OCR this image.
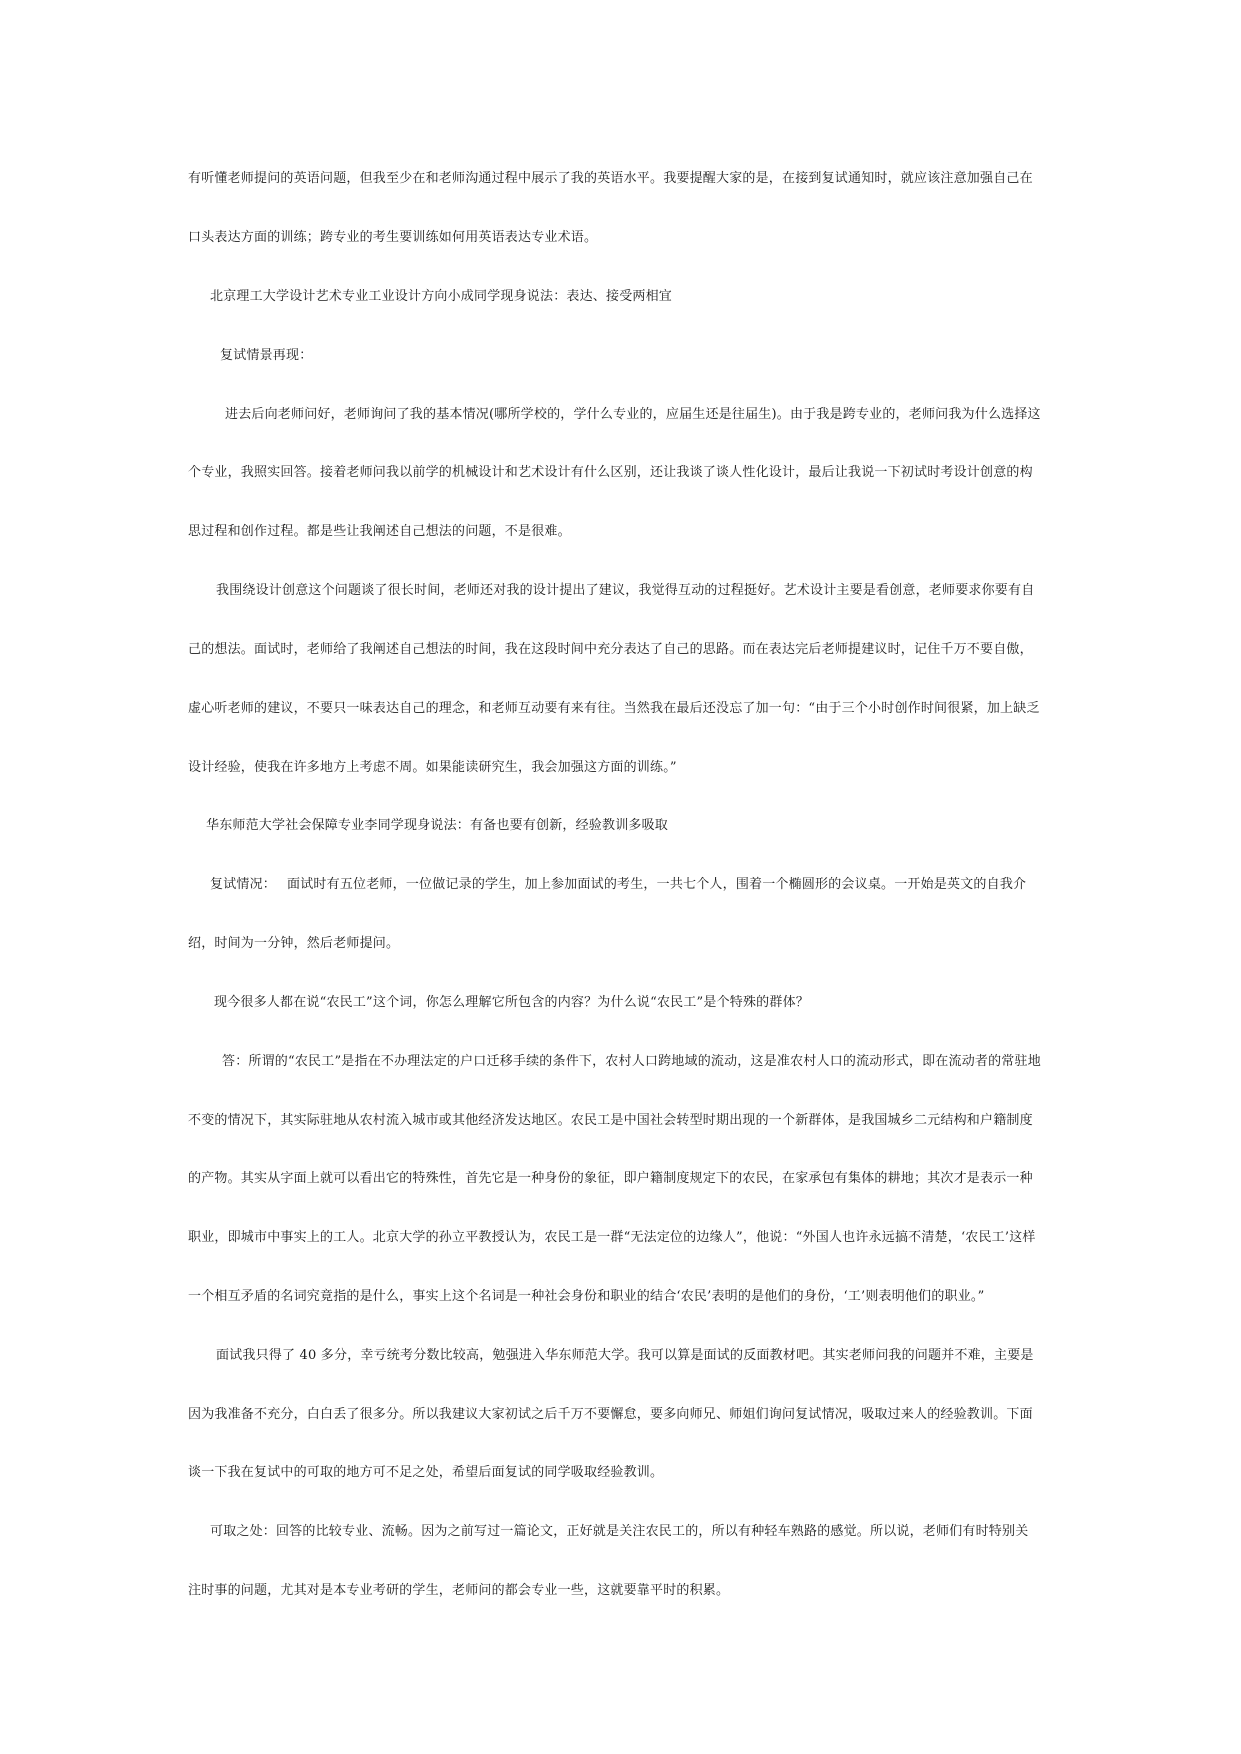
有听懂老师提问的英语问题，但我至少在和老师沟通过程中展示了我的英语水平。我要提醒大家的是，在接到复试通知时，就应该注意加强自己在
口头表达方面的训练；跨专业的考生要训练如何用英语表达专业术语。
北京理工大学设计艺术专业工业设计方向小成同学现身说法：表达、接受两相宜
复试情景再现：
进去后向老师问好，老师询问了我的基本情况(哪所学校的，学什么专业的，应届生还是往届生)。由于我是跨专业的，老师问我为什么选择这
个专业，我照实回答。接着老师问我以前学的机械设计和艺术设计有什么区别，还让我谈了谈人性化设计，最后让我说一下初试时考设计创意的构
思过程和创作过程。都是些让我阐述自己想法的问题，不是很难。
我围绕设计创意这个问题谈了很长时间，老师还对我的设计提出了建议，我觉得互动的过程挺好。艺术设计主要是看创意，老师要求你要有自
己的想法。面试时，老师给了我阐述自己想法的时间，我在这段时间中充分表达了自己的思路。而在表达完后老师提建议时，记住千万不要自傲，
虚心听老师的建议，不要只一味表达自己的理念，和老师互动要有来有往。当然我在最后还没忘了加一句：“由于三个小时创作时间很紧，加上缺乏
设计经验，使我在许多地方上考虑不周。如果能读研究生，我会加强这方面的训练。”
华东师范大学社会保障专业李同学现身说法：有备也要有创新，经验教训多吸取
复试情况：　 面试时有五位老师，一位做记录的学生，加上参加面试的考生，一共七个人，围着一个椭圆形的会议桌。一开始是英文的自我介
绍，时间为一分钟，然后老师提问。
现今很多人都在说“农民工”这个词，你怎么理解它所包含的内容？为什么说“农民工”是个特殊的群体？
答：所谓的“农民工”是指在不办理法定的户口迁移手续的条件下，农村人口跨地域的流动，这是准农村人口的流动形式，即在流动者的常驻地
不变的情况下，其实际驻地从农村流入城市或其他经济发达地区。农民工是中国社会转型时期出现的一个新群体，是我国城乡二元结构和户籍制度
的产物。其实从字面上就可以看出它的特殊性，首先它是一种身份的象征，即户籍制度规定下的农民，在家承包有集体的耕地；其次才是表示一种
职业，即城市中事实上的工人。北京大学的孙立平教授认为，农民工是一群“无法定位的边缘人”，他说：“外国人也许永远搞不清楚，‘农民工’这样
一个相互矛盾的名词究竟指的是什么，事实上这个名词是一种社会身份和职业的结合‘农民’表明的是他们的身份，‘工’则表明他们的职业。”
面试我只得了 40 多分，幸亏统考分数比较高，勉强进入华东师范大学。我可以算是面试的反面教材吧。其实老师问我的问题并不难，主要是
因为我准备不充分，白白丢了很多分。所以我建议大家初试之后千万不要懈怠，要多向师兄、师姐们询问复试情况，吸取过来人的经验教训。下面
谈一下我在复试中的可取的地方可不足之处，希望后面复试的同学吸取经验教训。
可取之处：回答的比较专业、流畅。因为之前写过一篇论文，正好就是关注农民工的，所以有种轻车熟路的感觉。所以说，老师们有时特别关
注时事的问题，尤其对是本专业考研的学生，老师问的都会专业一些，这就要靠平时的积累。
